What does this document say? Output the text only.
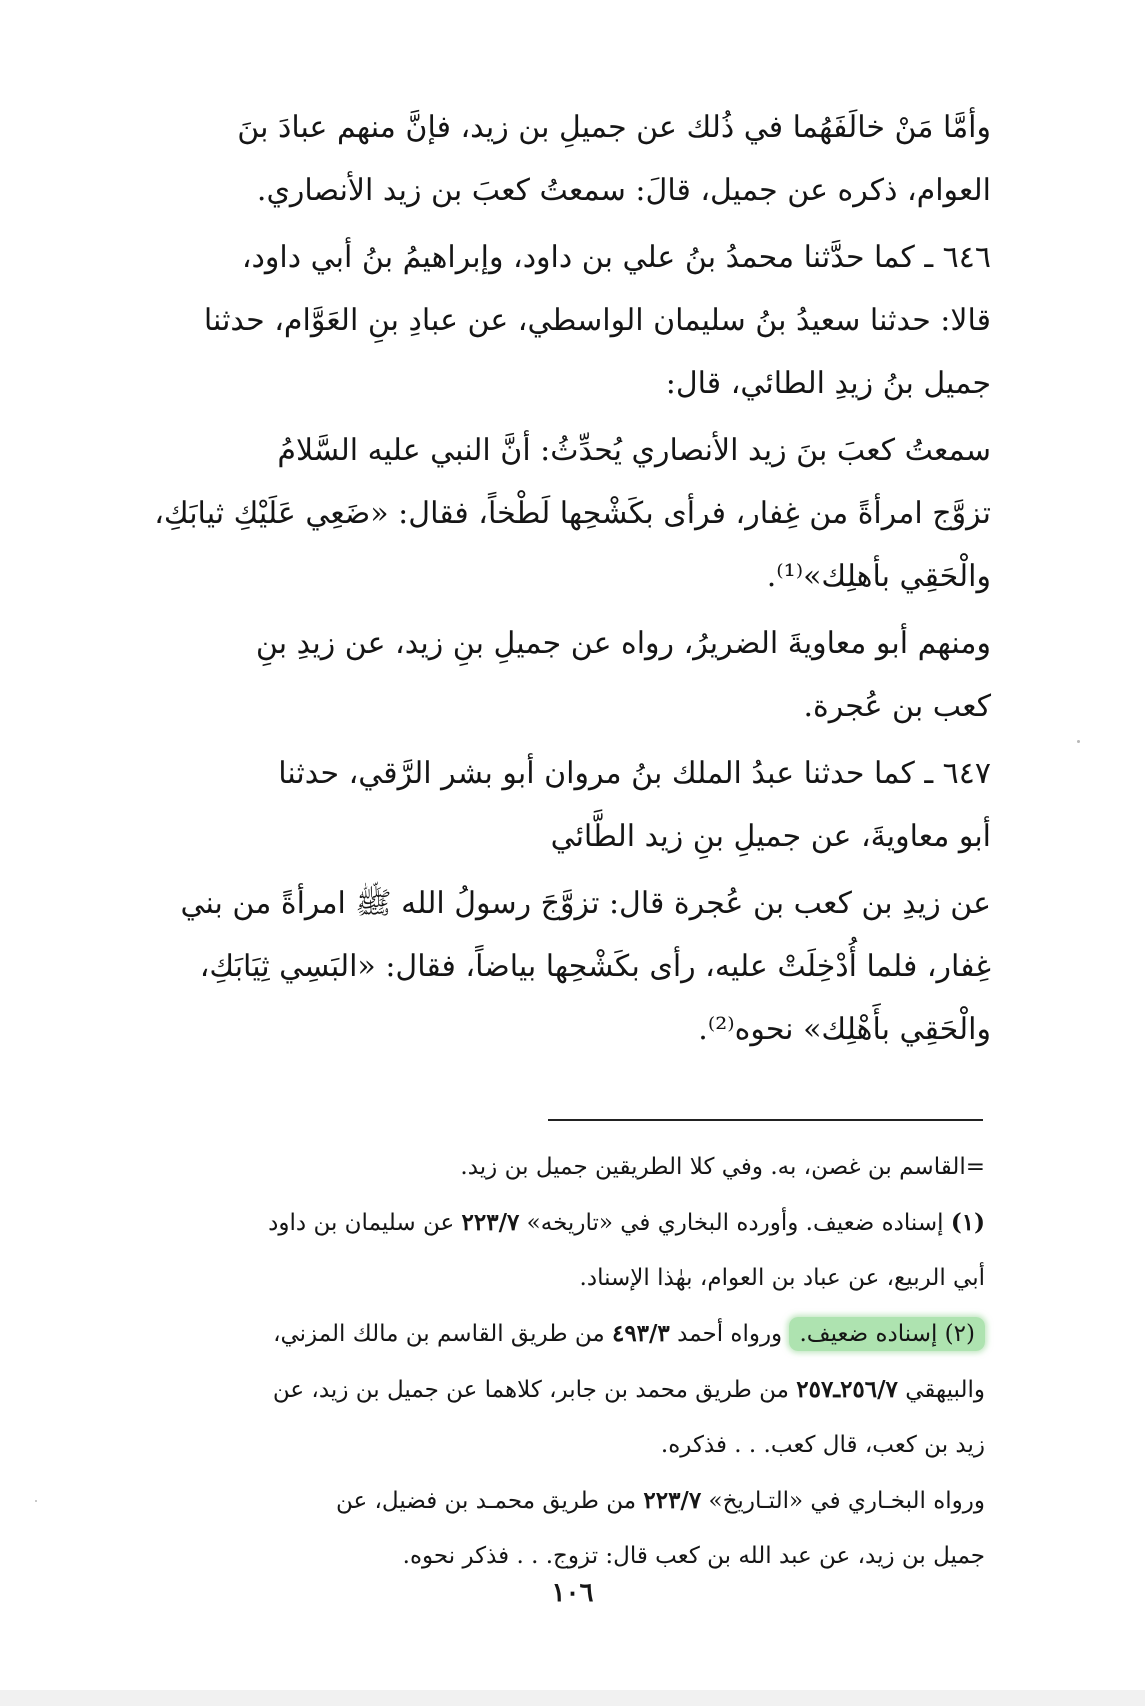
وأمَّا مَنْ خالَفَهُما في ذُلك عن جميلِ بن زيد، فإنَّ منهم عبادَ بنَ
العوام، ذكره عن جميل، قالَ: سمعتُ كعبَ بن زيد الأنصاري.
٦٤٦ ـ كما حدَّثنا محمدُ بنُ علي بن داود، وإبراهيمُ بنُ أبي داود،
قالا: حدثنا سعيدُ بنُ سليمان الواسطي، عن عبادِ بنِ العَوَّام، حدثنا
جميل بنُ زيدِ الطائي، قال:
سمعتُ كعبَ بنَ زيد الأنصاري يُحدِّثُ: أنَّ النبي عليه السَّلامُ
تزوَّج امرأةً من غِفار، فرأى بكَشْحِها لَطْخاً، فقال: «ضَعِي عَلَيْكِ ثيابَكِ،
والْحَقِي بأهلِك»⁽¹⁾.
ومنهم أبو معاويةَ الضريرُ، رواه عن جميلِ بنِ زيد، عن زيدِ بنِ
كعب بن عُجرة.
٦٤٧ ـ كما حدثنا عبدُ الملك بنُ مروان أبو بشر الرَّقي، حدثنا
أبو معاويةَ، عن جميلِ بنِ زيد الطَّائي
عن زيدِ بن كعب بن عُجرة قال: تزوَّجَ رسولُ الله ﷺ امرأةً من بني
غِفار، فلما أُدْخِلَتْ عليه، رأى بكَشْحِها بياضاً، فقال: «البَسِي ثِيَابَكِ،
والْحَقِي بأَهْلِك» نحوه⁽²⁾.
=القاسم بن غصن، به. وفي كلا الطريقين جميل بن زيد.
(١) إسناده ضعيف. وأورده البخاري في «تاريخه» ٢٢٣/٧ عن سليمان بن داود
أبي الربيع، عن عباد بن العوام، بهٰذا الإسناد.
(٢) إسناده ضعيف. ورواه أحمد ٤٩٣/٣ من طريق القاسم بن مالك المزني،
والبيهقي ٢٥٦/٧ـ٢٥٧ من طريق محمد بن جابر، كلاهما عن جميل بن زيد، عن
زيد بن كعب، قال كعب. . . فذكره.
ورواه البخـاري في «التـاريخ» ٢٢٣/٧ من طريق محمـد بن فضيل، عن
جميل بن زيد، عن عبد الله بن كعب قال: تزوج. . . فذكر نحوه.
١٠٦
